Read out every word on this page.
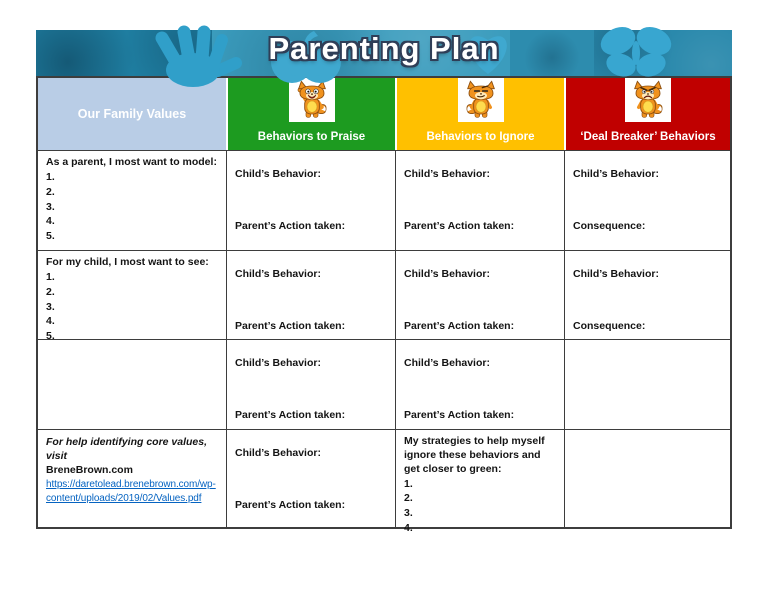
Parenting Plan
Our Family Values
Behaviors to Praise	Behaviors to Ignore	‘Deal Breaker’ Behaviors
As a parent, I most want to model:
1.
2.
3.
4.
5.
Child’s Behavior:
Parent’s Action taken:
Child’s Behavior:
Parent’s Action taken:
Child’s Behavior:
Consequence:
For my child, I most want to see:
1.
2.
3.
4.
5.
Child’s Behavior:
Parent’s Action taken:
Child’s Behavior:
Parent’s Action taken:
Child’s Behavior:
Consequence:
Child’s Behavior:
Parent’s Action taken:
Child’s Behavior:
Parent’s Action taken:
For help identifying core values, visit
BreneBrown.com
https://daretolead.brenebrown.com/wp-content/uploads/2019/02/Values.pdf
Child’s Behavior:
Parent’s Action taken:
My strategies to help myself ignore these behaviors and get closer to green:
1.
2.
3.
4.
